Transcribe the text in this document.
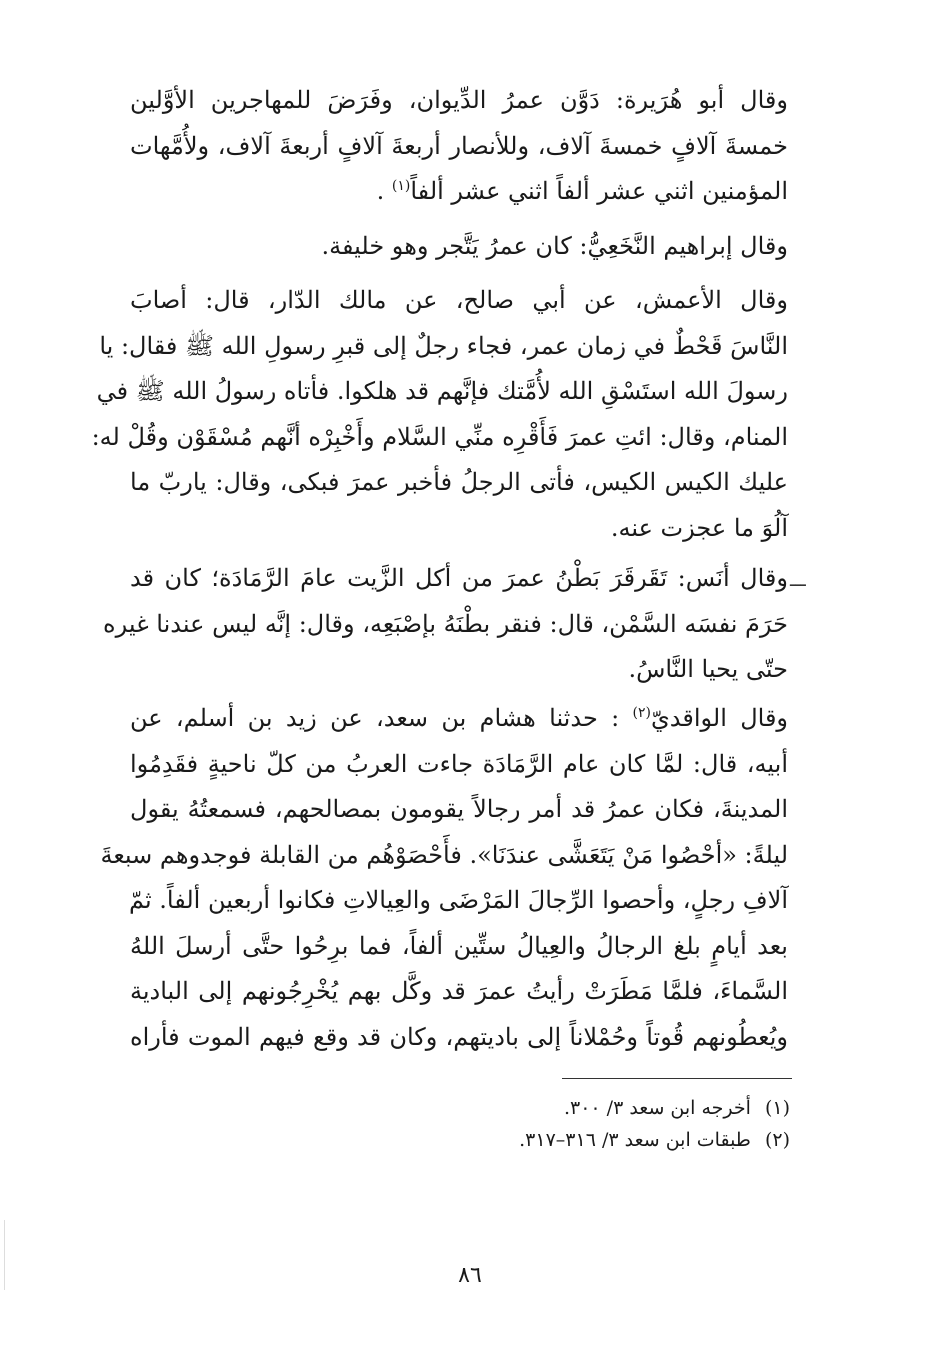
وقال أبو هُرَيرة: دَوَّن عمرُ الدِّيوان، وفَرَضَ للمهاجرين الأوَّلين
خمسةَ آلافٍ خمسةَ آلاف، وللأنصار أربعةَ آلافٍ أربعةَ آلاف، ولأُمَّهات
المؤمنين اثني عشر ألفاً اثني عشر ألفاً$^{(١)}$ .
وقال إبراهيم النَّخَعِيُّ: كان عمرُ يَتَّجر وهو خليفة.
وقال الأعمش، عن أبي صالح، عن مالك الدّار، قال: أصابَ
النَّاسَ قَحْطٌ في زمان عمر، فجاء رجلٌ إلى قبرِ رسولِ الله ﷺ فقال: يا
رسولَ الله استَسْقِ الله لأُمَّتك فإنَّهم قد هلكوا. فأتاه رسولُ الله ﷺ في
المنام، وقال: ائتِ عمرَ فَأَقْرِه منِّي السَّلام وأَخْبِرْه أنَّهم مُسْقَوْن وقُلْ له:
عليك الكيس الكيس، فأتى الرجلُ فأخبر عمرَ فبكى، وقال: ياربّ ما
آلُوَ ما عجزت عنه.
ـــ
وقال أنَس: تَقَرقَرَ بَطْنُ عمرَ من أكل الزَّيت عامَ الرَّمَادَة؛ كان قد
حَرَمَ نفسَه السَّمْن، قال: فنقر بطْنَهُ بإصْبَعِه، وقال: إنَّه ليس عندنا غيره
حتّى يحيا النَّاسُ.
وقال الواقديّ$^{(٢)}$ : حدثنا هشام بن سعد، عن زيد بن أسلم، عن
أبيه، قال: لمَّا كان عام الرَّمَادَة جاءت العربُ من كلّ ناحيةٍ فقَدِمُوا
المدينةَ، فكان عمرُ قد أمر رجالاً يقومون بمصالحهم، فسمعتُهُ يقول
ليلةً: «أحْصُوا مَنْ يَتَعَشَّى عندَنَا». فأَحْصَوْهُم من القابلة فوجدوهم سبعةَ
آلافِ رجلٍ، وأحصوا الرِّجالَ المَرْضَى والعِيالاتِ فكانوا أربعين ألفاً. ثمّ
بعد أيامٍ بلغ الرجالُ والعِيالُ ستِّين ألفاً، فما برِحُوا حتَّى أرسلَ اللهُ
السَّماءَ، فلمَّا مَطَرَتْ رأيتُ عمرَ قد وكَّل بهم يُخْرِجُونهم إلى البادية
ويُعطُونهم قُوتاً وحُمْلاناً إلى باديتهم، وكان قد وقع فيهم الموت فأراه
(١)أخرجه ابن سعد ٣/ ٣٠٠.
(٢)طبقات ابن سعد ٣/ ٣١٦–٣١٧.
٨٦
